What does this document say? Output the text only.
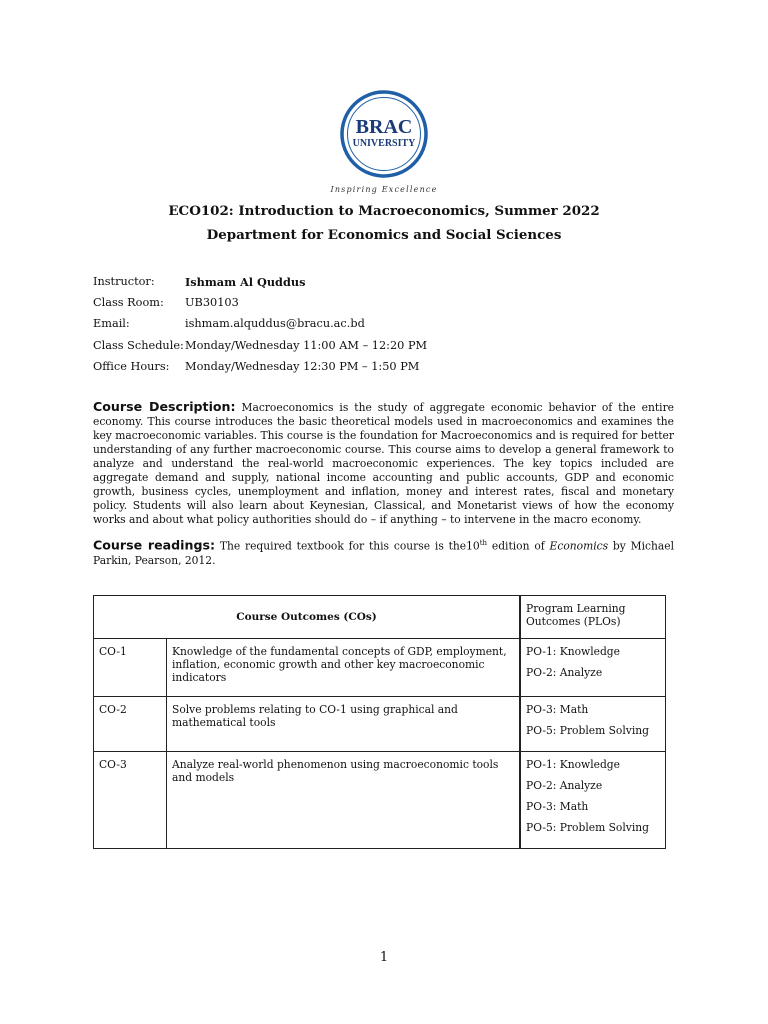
BRAC
UNIVERSITY
Inspiring Excellence
ECO102: Introduction to Macroeconomics, Summer 2022
Department for Economics and Social Sciences
Instructor:	Ishmam Al Quddus
Class Room:	UB30103
Email:	ishmam.alquddus@bracu.ac.bd
Class Schedule: Monday/Wednesday 11:00 AM – 12:20 PM
Office Hours:	Monday/Wednesday 12:30 PM – 1:50 PM
Course Description: Macroeconomics is the study of aggregate economic behavior of the entire economy. This course introduces the basic theoretical models used in macroeconomics and examines the key macroeconomic variables. This course is the foundation for Macroeconomics and is required for better understanding of any further macroeconomic course. This course aims to develop a general framework to analyze and understand the real-world macroeconomic experiences. The key topics included are aggregate demand and supply, national income accounting and public accounts, GDP and economic growth, business cycles, unemployment and inflation, money and interest rates, fiscal and monetary policy. Students will also learn about Keynesian, Classical, and Monetarist views of how the economy works and about what policy authorities should do – if anything – to intervene in the macro economy.
Course readings: The required textbook for this course is the10th edition of Economics by Michael Parkin, Pearson, 2012.
Course Outcomes (COs)		Program Learning Outcomes (PLOs)
CO-1	Knowledge of the fundamental concepts of GDP, employment, inflation, economic growth and other key macroeconomic indicators	PO-1: Knowledge
PO-2: Analyze

CO-2	Solve problems relating to CO-1 using graphical and mathematical tools	PO-3: Math
PO-5: Problem Solving

CO-3	Analyze real-world phenomenon using macroeconomic tools and models	PO-1: Knowledge
PO-2: Analyze
PO-3: Math
PO-5: Problem Solving
1
